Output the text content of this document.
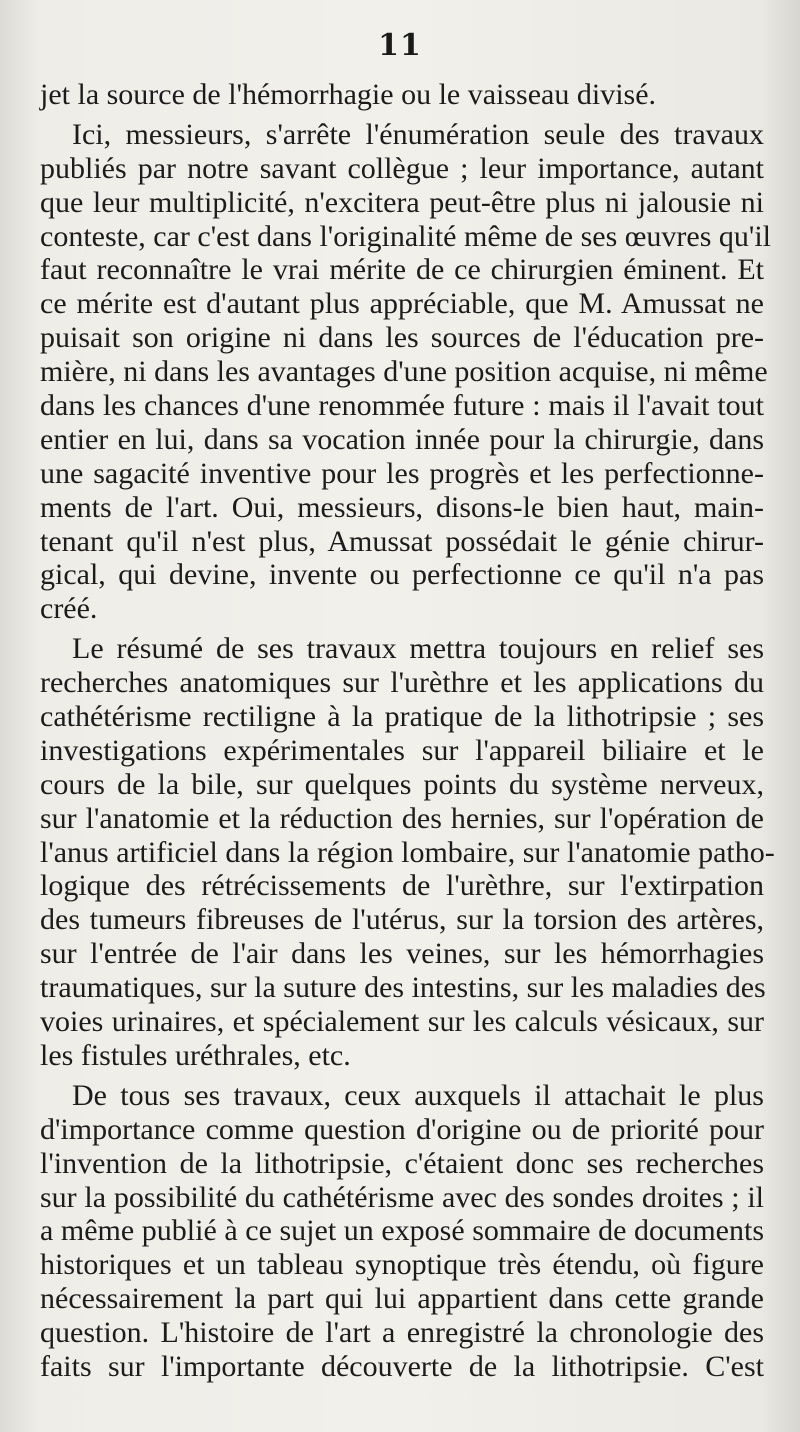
11
jet la source de l'hémorrhagie ou le vaisseau divisé.
Ici, messieurs, s'arrête l'énumération seule des travaux
publiés par notre savant collègue ; leur importance, autant
que leur multiplicité, n'excitera peut-être plus ni jalousie ni
conteste, car c'est dans l'originalité même de ses œuvres qu'il
faut reconnaître le vrai mérite de ce chirurgien éminent. Et
ce mérite est d'autant plus appréciable, que M. Amussat ne
puisait son origine ni dans les sources de l'éducation pre-
mière, ni dans les avantages d'une position acquise, ni même
dans les chances d'une renommée future : mais il l'avait tout
entier en lui, dans sa vocation innée pour la chirurgie, dans
une sagacité inventive pour les progrès et les perfectionne-
ments de l'art. Oui, messieurs, disons-le bien haut, main-
tenant qu'il n'est plus, Amussat possédait le génie chirur-
gical, qui devine, invente ou perfectionne ce qu'il n'a pas
créé.
Le résumé de ses travaux mettra toujours en relief ses
recherches anatomiques sur l'urèthre et les applications du
cathétérisme rectiligne à la pratique de la lithotripsie ; ses
investigations expérimentales sur l'appareil biliaire et le
cours de la bile, sur quelques points du système nerveux,
sur l'anatomie et la réduction des hernies, sur l'opération de
l'anus artificiel dans la région lombaire, sur l'anatomie patho-
logique des rétrécissements de l'urèthre, sur l'extirpation
des tumeurs fibreuses de l'utérus, sur la torsion des artères,
sur l'entrée de l'air dans les veines, sur les hémorrhagies
traumatiques, sur la suture des intestins, sur les maladies des
voies urinaires, et spécialement sur les calculs vésicaux, sur
les fistules uréthrales, etc.
De tous ses travaux, ceux auxquels il attachait le plus
d'importance comme question d'origine ou de priorité pour
l'invention de la lithotripsie, c'étaient donc ses recherches
sur la possibilité du cathétérisme avec des sondes droites ; il
a même publié à ce sujet un exposé sommaire de documents
historiques et un tableau synoptique très étendu, où figure
nécessairement la part qui lui appartient dans cette grande
question. L'histoire de l'art a enregistré la chronologie des
faits sur l'importante découverte de la lithotripsie. C'est
